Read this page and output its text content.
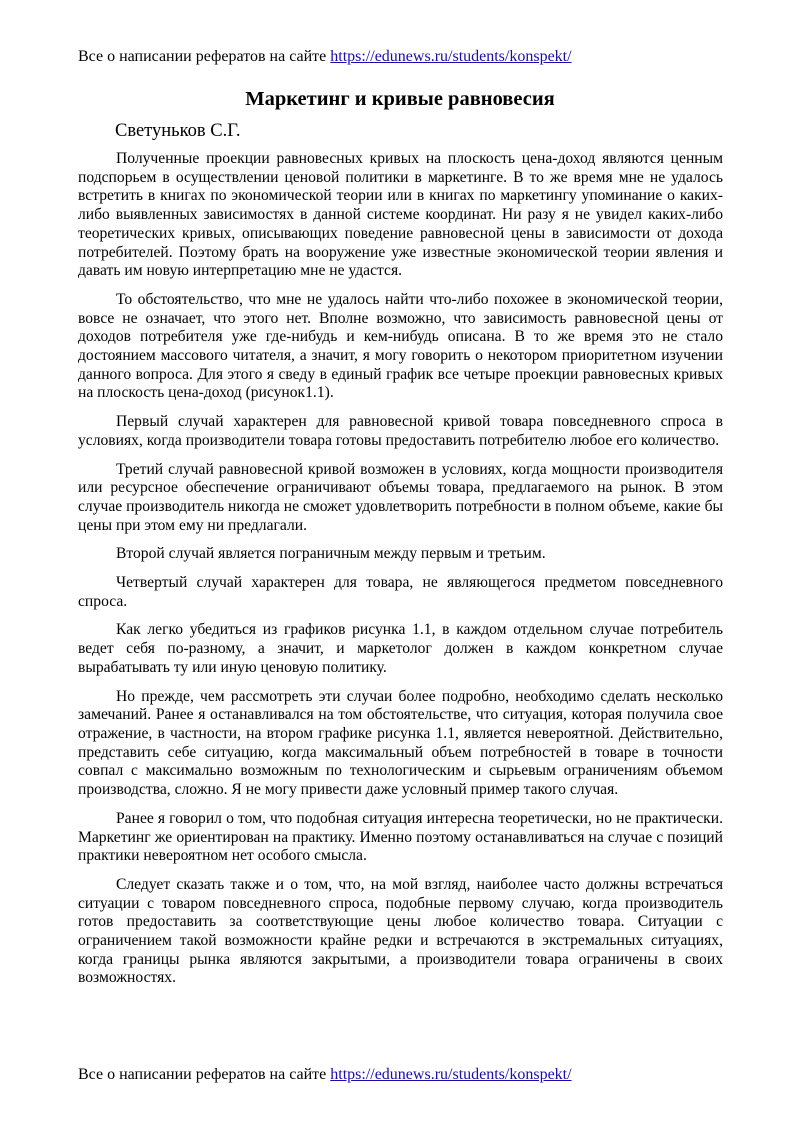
Все о написании рефератов на сайте https://edunews.ru/students/konspekt/
Маркетинг и кривые равновесия
Светуньков С.Г.

Полученные проекции равновесных кривых на плоскость цена-доход являются ценным подспорьем в осуществлении ценовой политики в маркетинге. В то же время мне не удалось встретить в книгах по экономической теории или в книгах по маркетингу упоминание о каких-либо выявленных зависимостях в данной системе координат. Ни разу я не увидел каких-либо теоретических кривых, описывающих поведение равновесной цены в зависимости от дохода потребителей. Поэтому брать на вооружение уже известные экономической теории явления и давать им новую интерпретацию мне не удастся.

То обстоятельство, что мне не удалось найти что-либо похожее в экономической теории, вовсе не означает, что этого нет. Вполне возможно, что зависимость равновесной цены от доходов потребителя уже где-нибудь и кем-нибудь описана. В то же время это не стало достоянием массового читателя, а значит, я могу говорить о некотором приоритетном изучении данного вопроса. Для этого я сведу в единый график все четыре проекции равновесных кривых на плоскость цена-доход (рисунок1.1).

Первый случай характерен для равновесной кривой товара повседневного спроса в условиях, когда производители товара готовы предоставить потребителю любое его количество.

Третий случай равновесной кривой возможен в условиях, когда мощности производителя или ресурсное обеспечение ограничивают объемы товара, предлагаемого на рынок. В этом случае производитель никогда не сможет удовлетворить потребности в полном объеме, какие бы цены при этом ему ни предлагали.

Второй случай является пограничным между первым и третьим.

Четвертый случай характерен для товара, не являющегося предметом повседневного спроса.

Как легко убедиться из графиков рисунка 1.1, в каждом отдельном случае потребитель ведет себя по-разному, а значит, и маркетолог должен в каждом конкретном случае вырабатывать ту или иную ценовую политику.

Но прежде, чем рассмотреть эти случаи более подробно, необходимо сделать несколько замечаний. Ранее я останавливался на том обстоятельстве, что ситуация, которая получила свое отражение, в частности, на втором графике рисунка 1.1, является невероятной. Действительно, представить себе ситуацию, когда максимальный объем потребностей в товаре в точности совпал с максимально возможным по технологическим и сырьевым ограничениям объемом производства, сложно. Я не могу привести даже условный пример такого случая.

Ранее я говорил о том, что подобная ситуация интересна теоретически, но не практически. Маркетинг же ориентирован на практику. Именно поэтому останавливаться на случае с позиций практики невероятном нет особого смысла.

Следует сказать также и о том, что, на мой взгляд, наиболее часто должны встречаться ситуации с товаром повседневного спроса, подобные первому случаю, когда производитель готов предоставить за соответствующие цены любое количество товара. Ситуации с ограничением такой возможности крайне редки и встречаются в экстремальных ситуациях, когда границы рынка являются закрытыми, а производители товара ограничены в своих возможностях.

Все о написании рефератов на сайте https://edunews.ru/students/konspekt/
